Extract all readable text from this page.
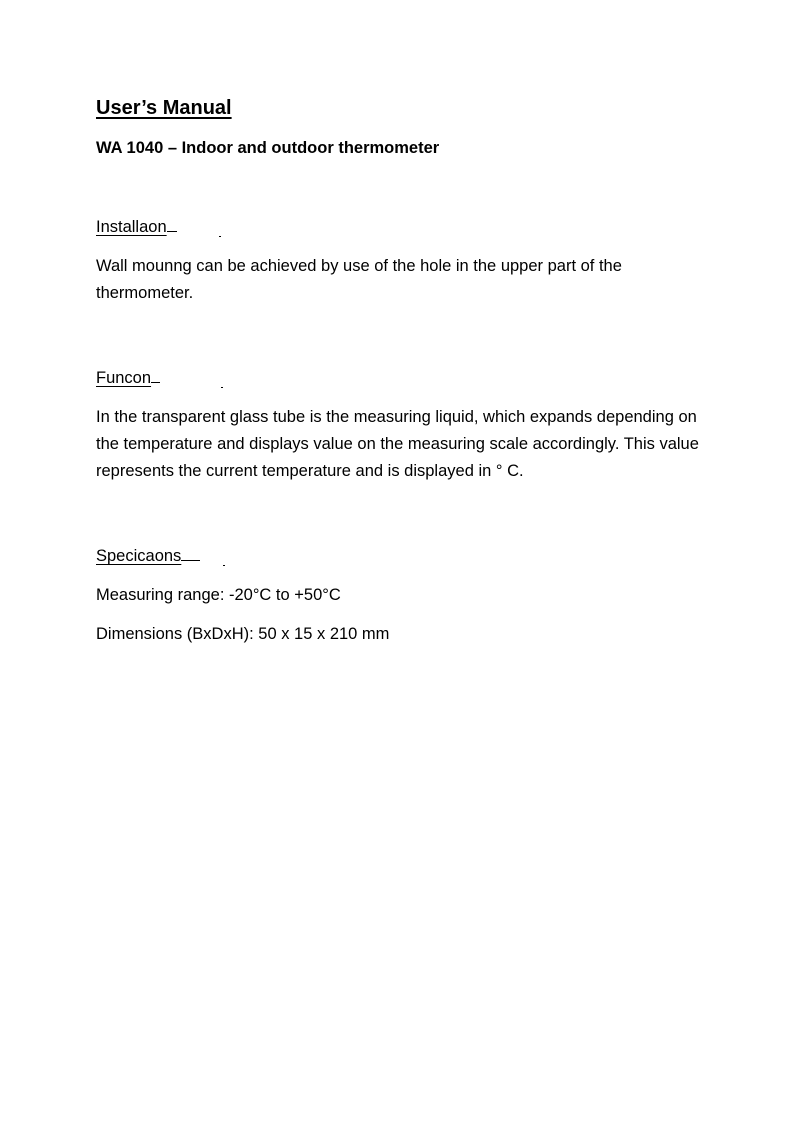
User’s Manual
WA 1040 – Indoor and outdoor thermometer
Installaon

Wall mounng can be achieved by use of the hole in the upper part of the thermometer.

Funcon

In the transparent glass tube is the measuring liquid, which expands depending on the temperature and displays value on the measuring scale accordingly. This value represents the current temperature and is displayed in ° C.

Specicaons

Measuring range: -20°C to +50°C

Dimensions (BxDxH): 50 x 15 x 210 mm
